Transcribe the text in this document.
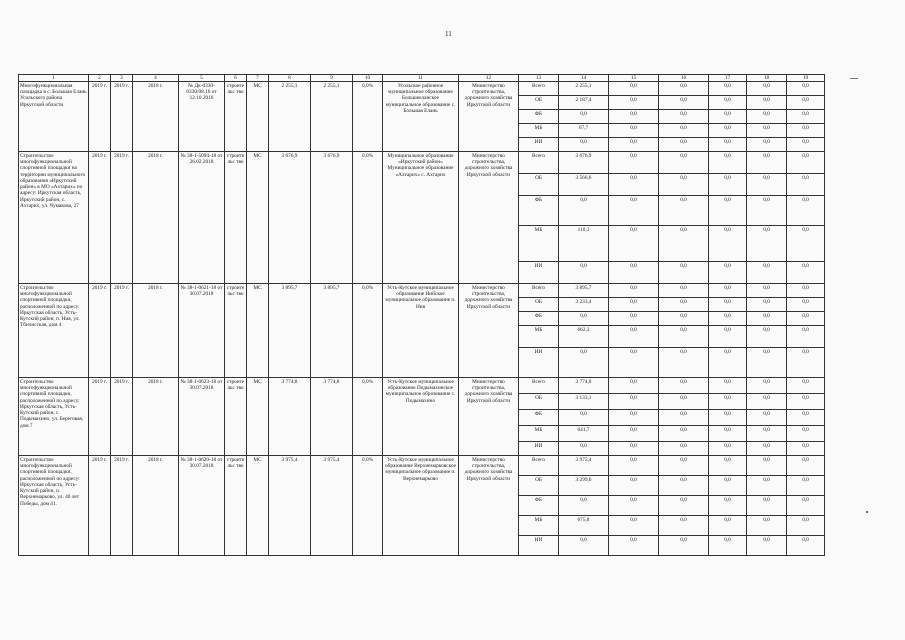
11
1	2	3	4	5	6	7	8	9	10	11	12	13	14	15	16	17	18	19
Многофункциональная площадка в с. Большая Елань Усольского района Иркутской области	2019 г.	2019 г.	2018 г.	№ Дк-0330-0330/08.16 от 12.10.2016	строительс тво	МС	2 255,1	2 255,1	0,0%	Усольское районное муниципальное образование Большееланское муниципальное образование с. Большая Елань	Министерство строительства, дорожного хозяйства Иркутской области	Всего	2 255,1	0,0	0,0	0,0	0,0	0,0
												ОБ	2 187,4	0,0	0,0	0,0	0,0	0,0
												ФБ	0,0	0,0	0,0	0,0	0,0	0,0
												МБ	67,7	0,0	0,0	0,0	0,0	0,0
												ИИ	0,0	0,0	0,0	0,0	0,0	0,0
Строительство многофункциональной спортивной площадки на территории муниципального образования «Иркутский район» в МО «Ахтарих» по адресу: Иркутская область, Иркутский район, с. Ахтарих, ул. Чумакова, 27	2019 г.	2019 г.	2018 г.	№ 38-1-5094-18 от 26.02.2018	строительс тво	МС	3 676,9	3 676,9	0,0%	Муниципальное образование «Иркутский район» Муниципальное образование «Ахтарих» с. Ахтарих	Министерство строительства, дорожного хозяйства Иркутской области	Всего	3 676,9	0,0	0,0	0,0	0,0	0,0
												ОБ	3 566,6	0,0	0,0	0,0	0,0	0,0
												ФБ	0,0	0,0	0,0	0,0	0,0	0,0
												МБ	110,3	0,0	0,0	0,0	0,0	0,0
												ИИ	0,0	0,0	0,0	0,0	0,0	0,0
Строительство многофункциональной спортивной площадки, расположенной по адресу: Иркутская область, Усть-Кутский район, п. Ния, ул. Тбилисская, дом 4	2019 г.	2019 г.	2018 г.	№ 38-1-0621-18 от 30.07.2018	строительс тво	МС	3 895,7	3 895,7	0,0%	Усть-Кутское муниципальное образование Нийское муниципальное образование п. Ния	Министерство строительства, дорожного хозяйства Иркутской области	Всего	3 895,7	0,0	0,0	0,0	0,0	0,0
												ОБ	3 233,4	0,0	0,0	0,0	0,0	0,0
												ФБ	0,0	0,0	0,0	0,0	0,0	0,0
												МБ	662,3	0,0	0,0	0,0	0,0	0,0
												ИИ	0,0	0,0	0,0	0,0	0,0	0,0
Строительство многофункциональной спортивной площадки, расположенной по адресу: Иркутская область, Усть-Кутский район, с. Подымахино, ул. Береговая, дом 7	2019 г.	2019 г.	2018 г.	№ 38-1-0623-18 от 30.07.2018	строительс тво	МС	3 774,8	3 774,8	0,0%	Усть-Кутское муниципальное образование Подымахинское муниципальное образование с. Подымахино	Министерство строительства, дорожного хозяйства Иркутской области	Всего	3 774,8	0,0	0,0	0,0	0,0	0,0
												ОБ	3 133,1	0,0	0,0	0,0	0,0	0,0
												ФБ	0,0	0,0	0,0	0,0	0,0	0,0
												МБ	641,7	0,0	0,0	0,0	0,0	0,0
												ИИ	0,0	0,0	0,0	0,0	0,0	0,0
Строительство многофункциональной спортивной площадки, расположенной по адресу: Иркутская область, Усть-Кутский район, п. Верхнемарково, ул. 40 лет Победы, дом 41.	2019 г.	2019 г.	2018 г.	№ 38-1-0620-18 от 30.07.2018	строительс тво	МС	3 975,4	3 975,4	0,0%	Усть-Кутское муниципальное образование Верхнемарковское муниципальное образование п. Верхнемарково	Министерство строительства, дорожного хозяйства Иркутской области	Всего	3 975,4	0,0	0,0	0,0	0,0	0,0
												ОБ	3 299,6	0,0	0,0	0,0	0,0	0,0
												ФБ	0,0	0,0	0,0	0,0	0,0	0,0
												МБ	675,8	0,0	0,0	0,0	0,0	0,0
												ИИ	0,0	0,0	0,0	0,0	0,0	0,0
